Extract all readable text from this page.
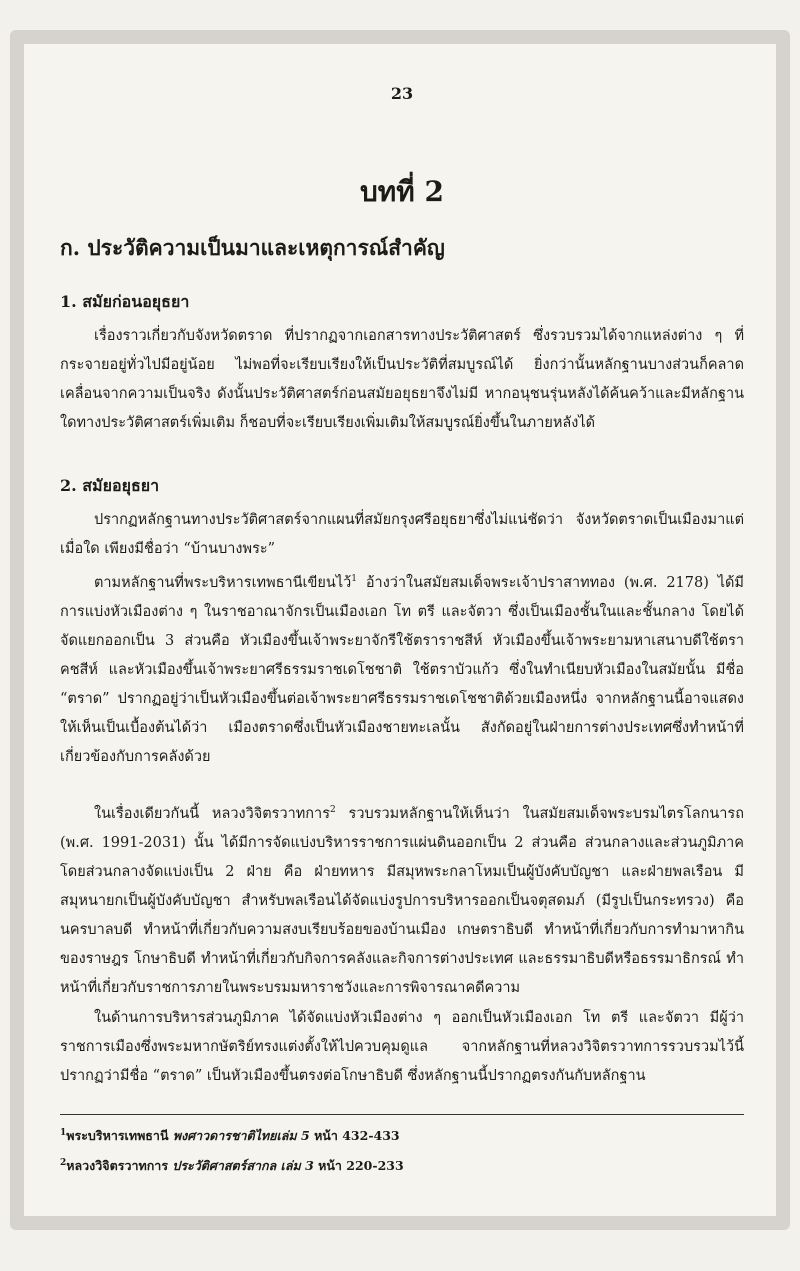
23
บทที่ 2
ก. ประวัติความเป็นมาและเหตุการณ์สำคัญ
1. สมัยก่อนอยุธยา

เรื่องราวเกี่ยวกับจังหวัดตราด ที่ปรากฏจากเอกสารทางประวัติศาสตร์ ซึ่งรวบรวมได้จากแหล่งต่าง ๆ ที่กระจายอยู่ทั่วไปมีอยู่น้อย ไม่พอที่จะเรียบเรียงให้เป็นประวัติที่สมบูรณ์ได้ ยิ่งกว่านั้นหลักฐานบางส่วนก็คลาดเคลื่อนจากความเป็นจริง ดังนั้นประวัติศาสตร์ก่อนสมัยอยุธยาจึงไม่มี หากอนุชนรุ่นหลังได้ค้นคว้าและมีหลักฐานใดทางประวัติศาสตร์เพิ่มเติม ก็ชอบที่จะเรียบเรียงเพิ่มเติมให้สมบูรณ์ยิ่งขึ้นในภายหลังได้

2. สมัยอยุธยา

ปรากฏหลักฐานทางประวัติศาสตร์จากแผนที่สมัยกรุงศรีอยุธยาซึ่งไม่แน่ชัดว่า จังหวัดตราดเป็นเมืองมาแต่เมื่อใด เพียงมีชื่อว่า “บ้านบางพระ”

ตามหลักฐานที่พระบริหารเทพธานีเขียนไว้$^1$ อ้างว่าในสมัยสมเด็จพระเจ้าปราสาททอง (พ.ศ. 2178) ได้มีการแบ่งหัวเมืองต่าง ๆ ในราชอาณาจักรเป็นเมืองเอก โท ตรี และจัตวา ซึ่งเป็นเมืองชั้นในและชั้นกลาง โดยได้จัดแยกออกเป็น 3 ส่วนคือ หัวเมืองขึ้นเจ้าพระยาจักรีใช้ตราราชสีห์ หัวเมืองขึ้นเจ้าพระยามหาเสนาบดีใช้ตราคชสีห์ และหัวเมืองขึ้นเจ้าพระยาศรีธรรมราชเดโชชาติ ใช้ตราบัวแก้ว ซึ่งในทำเนียบหัวเมืองในสมัยนั้น มีชื่อ “ตราด” ปรากฏอยู่ว่าเป็นหัวเมืองขึ้นต่อเจ้าพระยาศรีธรรมราชเดโชชาติด้วยเมืองหนึ่ง จากหลักฐานนี้อาจแสดงให้เห็นเป็นเบื้องต้นได้ว่า เมืองตราดซึ่งเป็นหัวเมืองชายทะเลนั้น สังกัดอยู่ในฝ่ายการต่างประเทศซึ่งทำหน้าที่เกี่ยวข้องกับการคลังด้วย

ในเรื่องเดียวกันนี้ หลวงวิจิตรวาทการ$^2$ รวบรวมหลักฐานให้เห็นว่า ในสมัยสมเด็จพระบรมไตรโลกนารถ (พ.ศ. 1991-2031) นั้น ได้มีการจัดแบ่งบริหารราชการแผ่นดินออกเป็น 2 ส่วนคือ ส่วนกลางและส่วนภูมิภาค โดยส่วนกลางจัดแบ่งเป็น 2 ฝ่าย คือ ฝ่ายทหาร มีสมุหพระกลาโหมเป็นผู้บังคับบัญชา และฝ่ายพลเรือน มีสมุหนายกเป็นผู้บังคับบัญชา สำหรับพลเรือนได้จัดแบ่งรูปการบริหารออกเป็นจตุสดมภ์ (มีรูปเป็นกระทรวง) คือ นครบาลบดี ทำหน้าที่เกี่ยวกับความสงบเรียบร้อยของบ้านเมือง เกษตราธิบดี ทำหน้าที่เกี่ยวกับการทำมาหากินของราษฎร โกษาธิบดี ทำหน้าที่เกี่ยวกับกิจการคลังและกิจการต่างประเทศ และธรรมาธิบดีหรือธรรมาธิกรณ์ ทำหน้าที่เกี่ยวกับราชการภายในพระบรมมหาราชวังและการพิจารณาคดีความ

ในด้านการบริหารส่วนภูมิภาค ได้จัดแบ่งหัวเมืองต่าง ๆ ออกเป็นหัวเมืองเอก โท ตรี และจัตวา มีผู้ว่าราชการเมืองซึ่งพระมหากษัตริย์ทรงแต่งตั้งให้ไปควบคุมดูแล จากหลักฐานที่หลวงวิจิตรวาทการรวบรวมไว้นี้ ปรากฏว่ามีชื่อ “ตราด” เป็นหัวเมืองขึ้นตรงต่อโกษาธิบดี ซึ่งหลักฐานนี้ปรากฏตรงกันกับหลักฐาน

$^1$พระบริหารเทพธานี พงศาวดารชาติไทยเล่ม 5 หน้า 432-433
$^2$หลวงวิจิตรวาทการ ประวัติศาสตร์สากล เล่ม 3 หน้า 220-233
